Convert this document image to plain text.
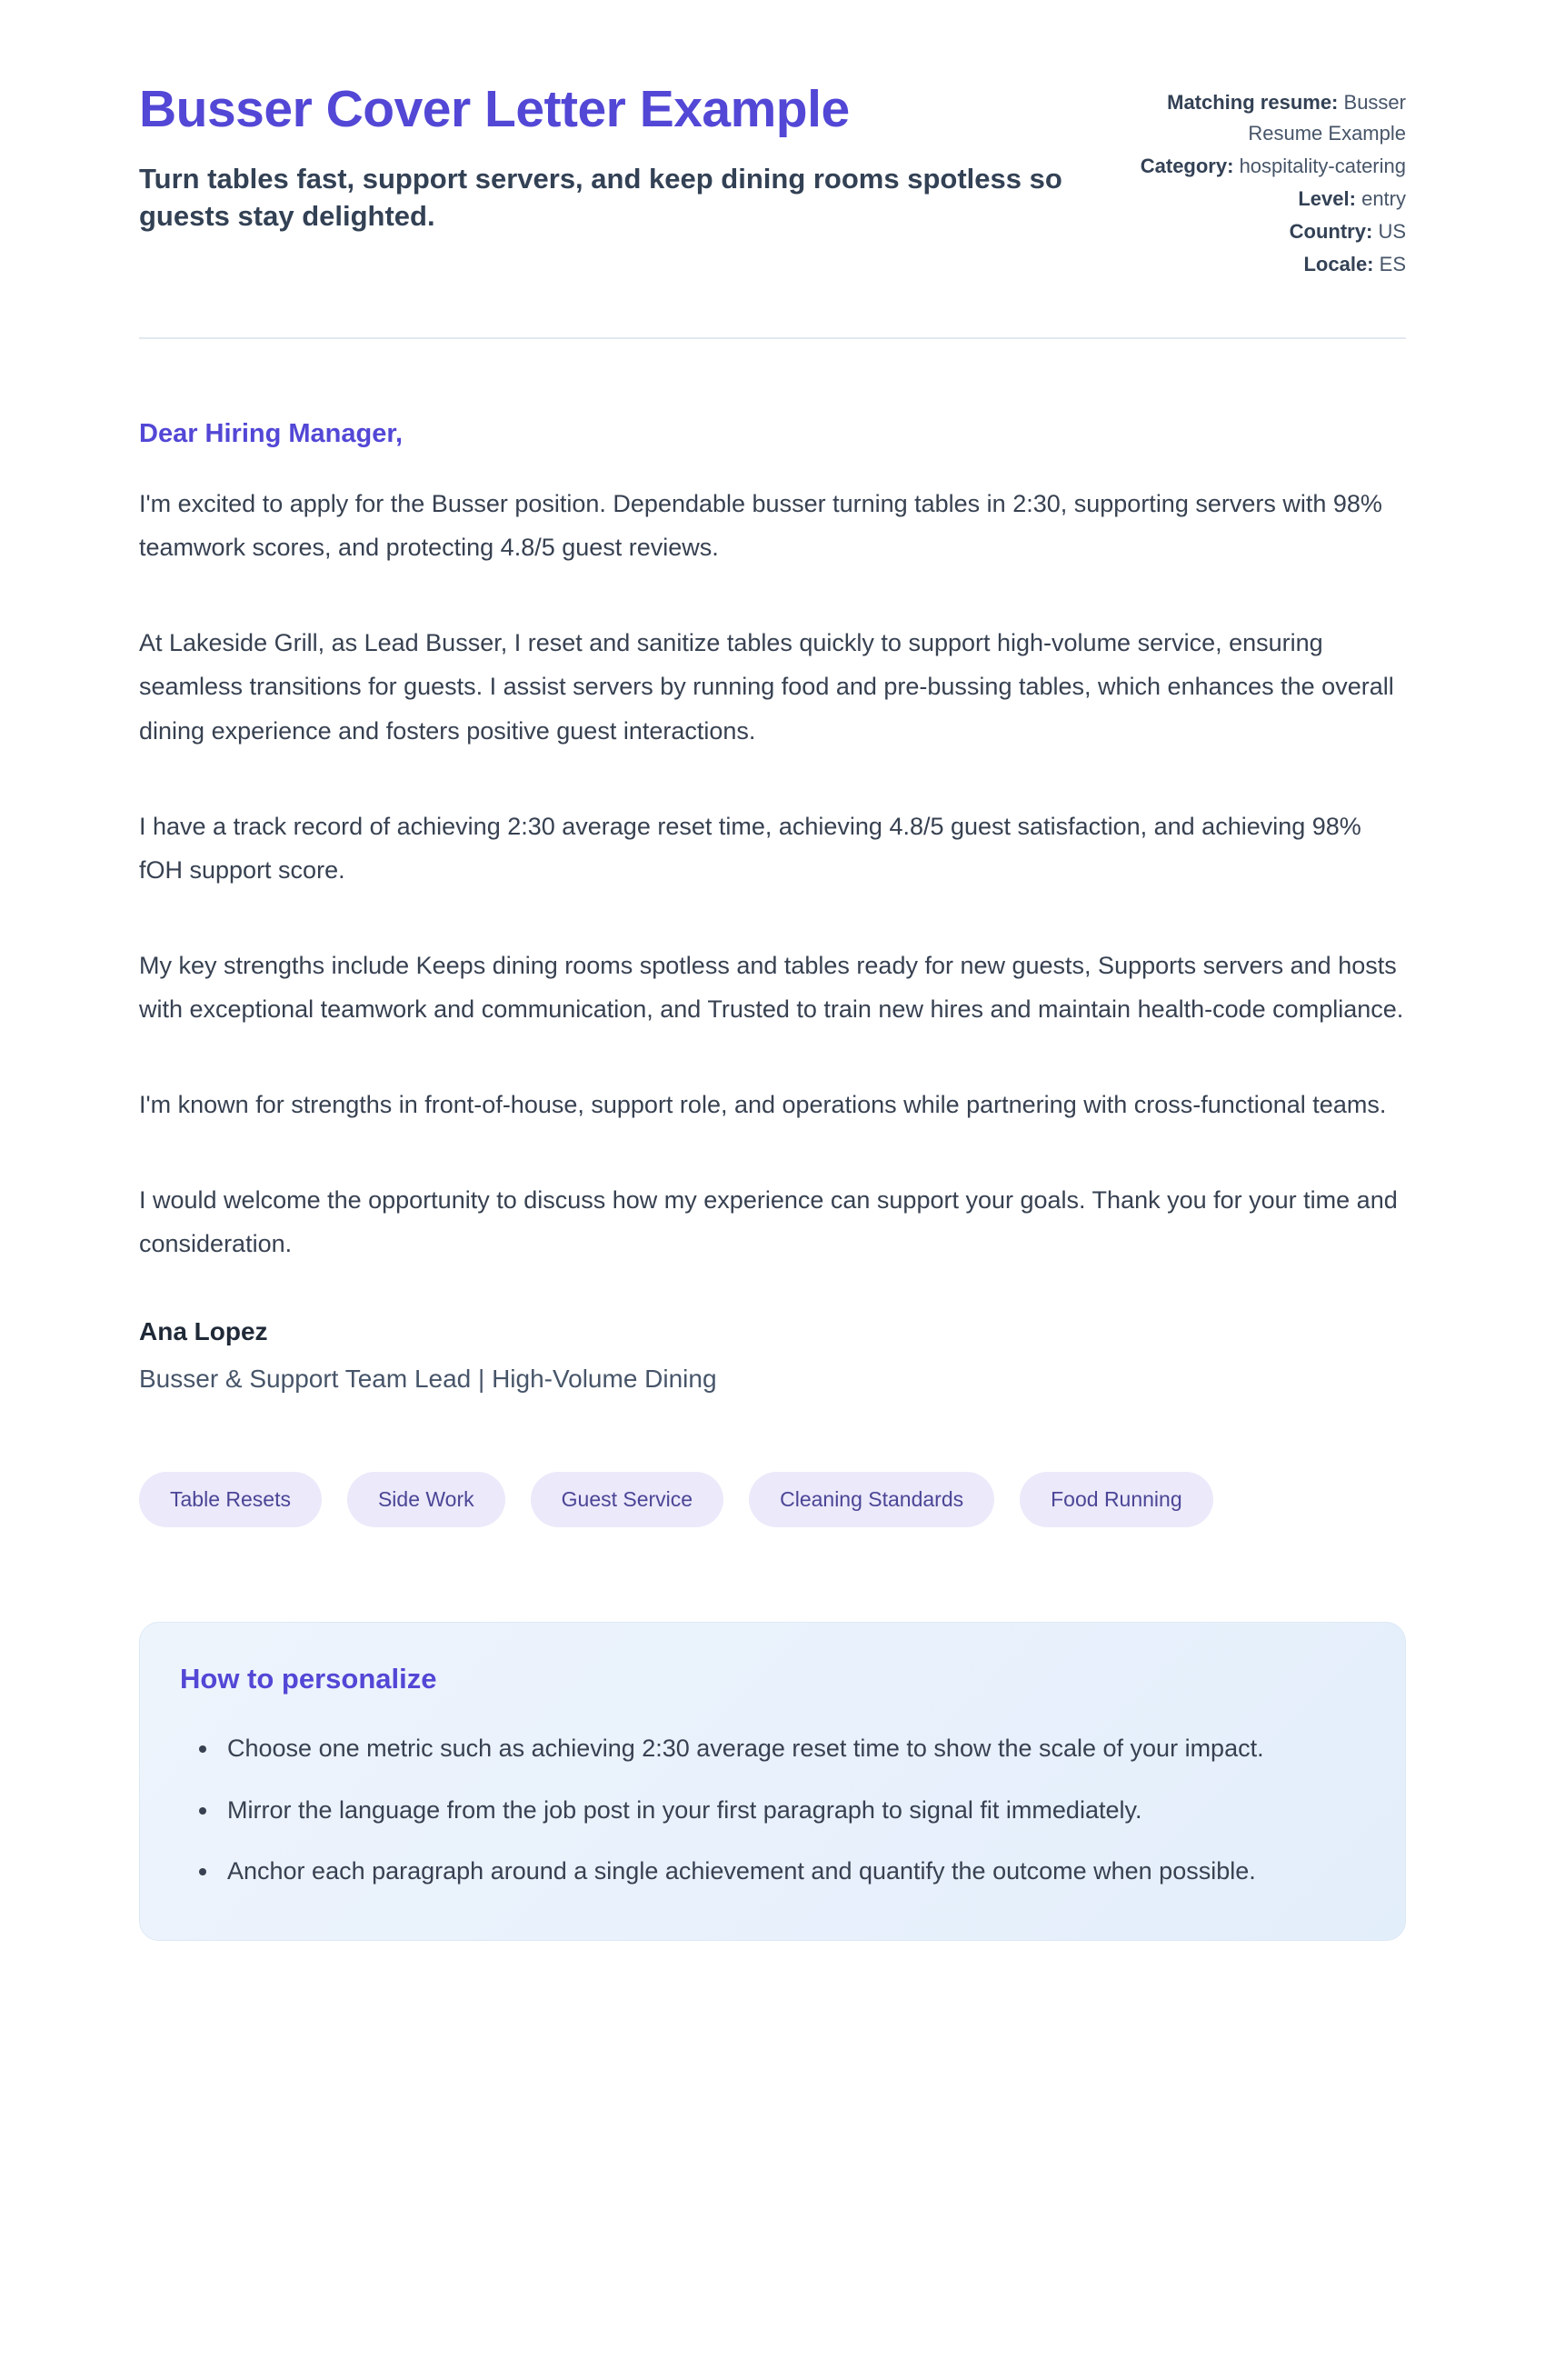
Busser Cover Letter Example

Turn tables fast, support servers, and keep dining rooms spotless so guests stay delighted.

Matching resume: Busser Resume Example
Category: hospitality-catering
Level: entry
Country: US
Locale: ES

Dear Hiring Manager,

I'm excited to apply for the Busser position. Dependable busser turning tables in 2:30, supporting servers with 98% teamwork scores, and protecting 4.8/5 guest reviews.

At Lakeside Grill, as Lead Busser, I reset and sanitize tables quickly to support high-volume service, ensuring seamless transitions for guests. I assist servers by running food and pre-bussing tables, which enhances the overall dining experience and fosters positive guest interactions.

I have a track record of achieving 2:30 average reset time, achieving 4.8/5 guest satisfaction, and achieving 98% fOH support score.

My key strengths include Keeps dining rooms spotless and tables ready for new guests, Supports servers and hosts with exceptional teamwork and communication, and Trusted to train new hires and maintain health-code compliance.

I'm known for strengths in front-of-house, support role, and operations while partnering with cross-functional teams.

I would welcome the opportunity to discuss how my experience can support your goals. Thank you for your time and consideration.

Ana Lopez

Busser & Support Team Lead | High-Volume Dining

Table Resets	Side Work	Guest Service	Cleaning Standards	Food Running
How to personalize
• Choose one metric such as achieving 2:30 average reset time to show the scale of your impact.
• Mirror the language from the job post in your first paragraph to signal fit immediately.
• Anchor each paragraph around a single achievement and quantify the outcome when possible.
